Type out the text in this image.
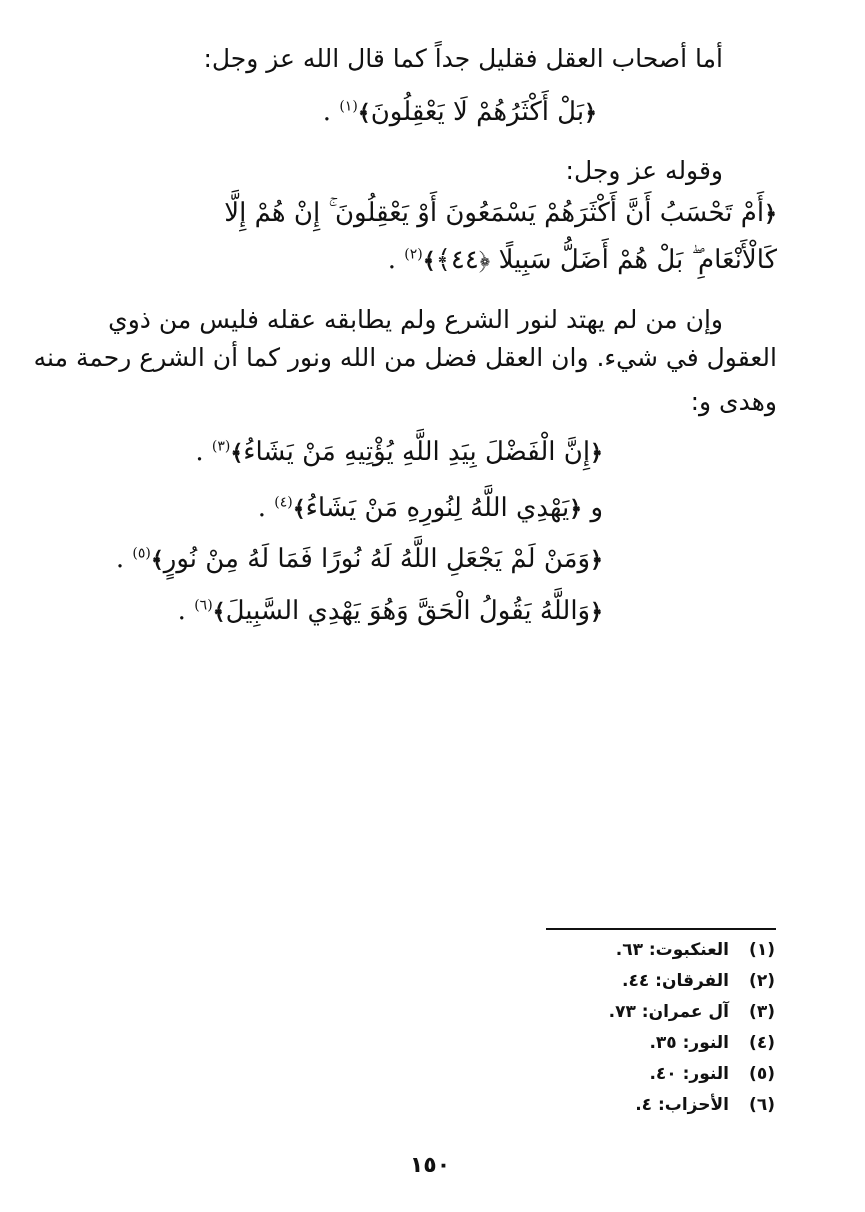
أما أصحاب العقل فقليل جداً كما قال الله عز وجل:
﴿بَلْ أَكْثَرُهُمْ لَا يَعْقِلُونَ﴾$^{(١)}$ .
وقوله عز وجل:
﴿أَمْ تَحْسَبُ أَنَّ أَكْثَرَهُمْ يَسْمَعُونَ أَوْ يَعْقِلُونَ ۚ إِنْ هُمْ إِلَّا
كَالْأَنْعَامِ ۖ بَلْ هُمْ أَضَلُّ سَبِيلًا ﴿٤٤﴾﴾$^{(٢)}$ .
وإن من لم يهتد لنور الشرع ولم يطابقه عقله فليس من ذوي
العقول في شيء. وان العقل فضل من الله ونور كما أن الشرع رحمة منه
وهدى و:
﴿إِنَّ الْفَضْلَ بِيَدِ اللَّهِ يُؤْتِيهِ مَنْ يَشَاءُ﴾$^{(٣)}$ .
و ﴿يَهْدِي اللَّهُ لِنُورِهِ مَنْ يَشَاءُ﴾$^{(٤)}$ .
﴿وَمَنْ لَمْ يَجْعَلِ اللَّهُ لَهُ نُورًا فَمَا لَهُ مِنْ نُورٍ﴾$^{(٥)}$ .
﴿وَاللَّهُ يَقُولُ الْحَقَّ وَهُوَ يَهْدِي السَّبِيلَ﴾$^{(٦)}$ .
(١)العنكبوت: ٦٣.
(٢)الفرقان: ٤٤.
(٣)آل عمران: ٧٣.
(٤)النور: ٣٥.
(٥)النور: ٤٠.
(٦)الأحزاب: ٤.
١٥٠
